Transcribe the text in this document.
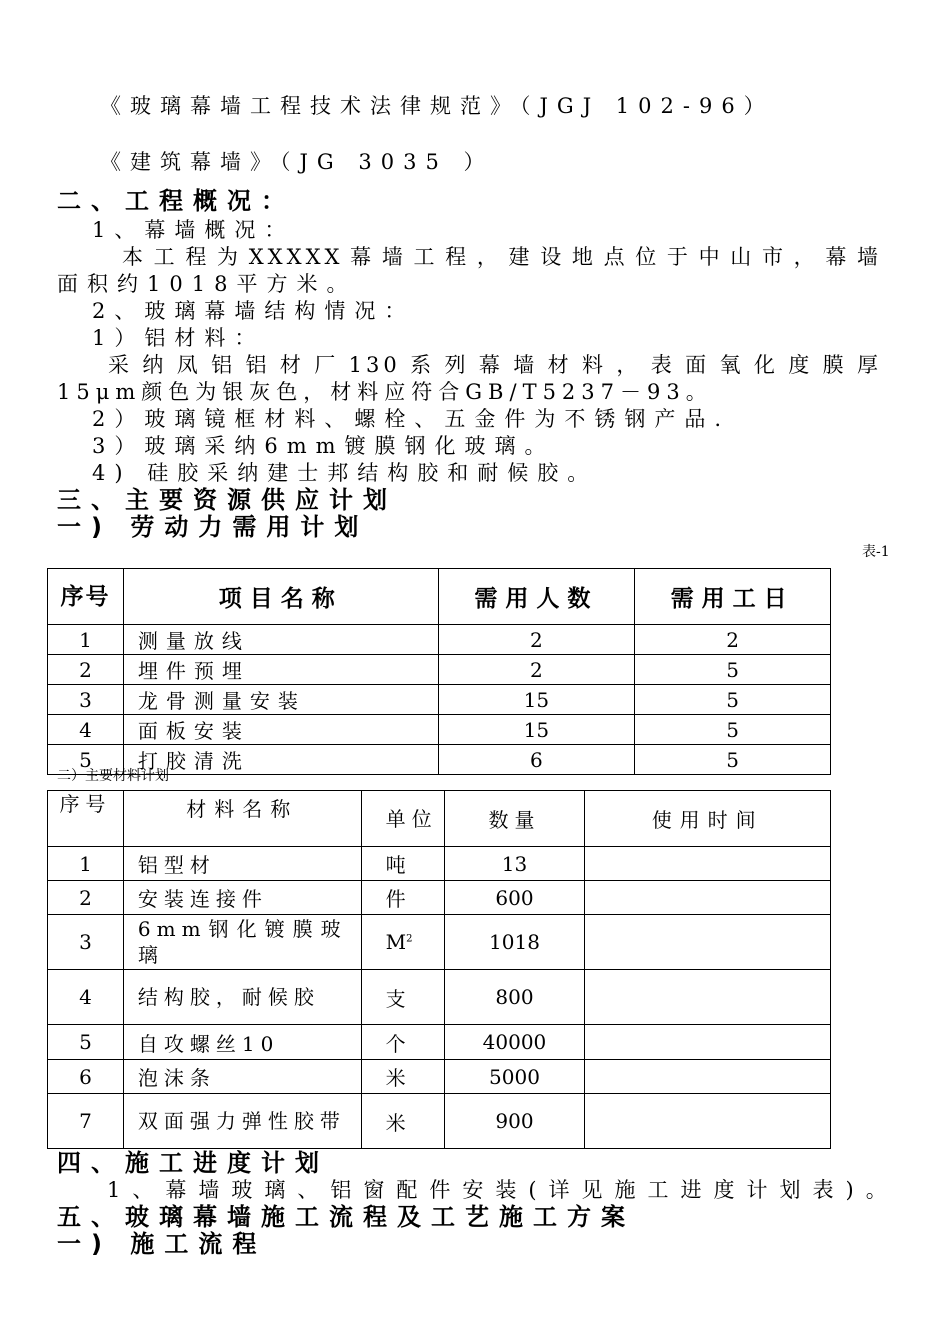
《玻璃幕墙工程技术法律规范》（JGJ 102-96）
《建筑幕墙》（JG 3035 ）
二、工程概况：
1、幕墙概况：
本工程为XXXXX幕墙工程，建设地点位于中山市，幕墙
面积约1018平方米。
2、玻璃幕墙结构情况：
1）铝材料：
采纳凤铝铝材厂130系列幕墙材料，表面氧化度膜厚
15μm颜色为银灰色，材料应符合GB/T5237－93。
2）玻璃镜框材料、螺栓、五金件为不锈钢产品.
3）玻璃采纳6mm镀膜钢化玻璃。
4) 硅胶采纳建士邦结构胶和耐候胶。
三、主要资源供应计划
一) 劳动力需用计划
表-1
序号	项目名称	需用人数	需用工日
1	测量放线	2	2
2	埋件预埋	2	5
3	龙骨测量安装	15	5
4	面板安装	15	5
5	打胶清洗	6	5
二）主要材料计划
序号	材料名称	单位	数量	使用时间
1	铝型材	吨	13	
2	安装连接件	件	600	
3	6mm钢化镀膜玻璃	$M^2$	1018	
4	结构胶，耐候胶	支	800	
5	自攻螺丝10	个	40000	
6	泡沫条	米	5000	
7	双面强力弹性胶带	米	900	
四、施工进度计划
1、幕墙玻璃、铝窗配件安装(详见施工进度计划表)。
五、玻璃幕墙施工流程及工艺施工方案
一) 施工流程
